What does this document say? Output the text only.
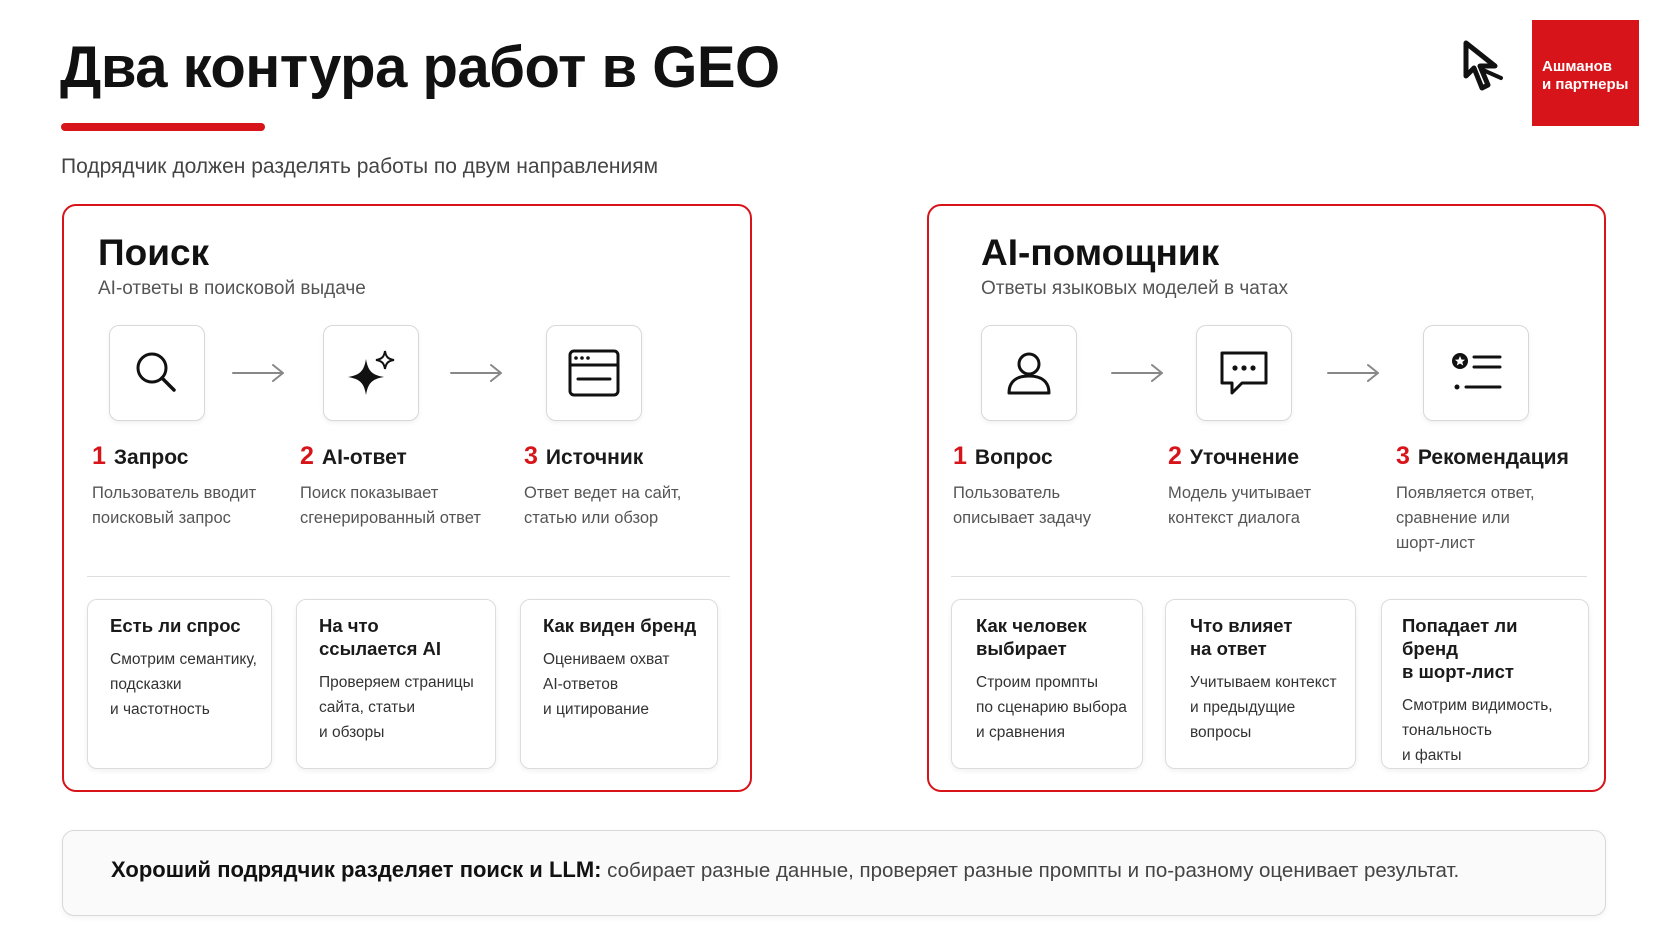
Два контура работ в GEO
Подрядчик должен разделять работы по двум направлениям
Ашманов
и партнеры
Поиск
AI-ответы в поисковой выдаче
1 Запрос
Пользователь вводит
поисковый запрос
2 AI-ответ
Поиск показывает
сгенерированный ответ
3 Источник
Ответ ведет на сайт,
статью или обзор
Есть ли спрос
Смотрим семантику,
подсказки
и частотность
На что
ссылается AI
Проверяем страницы
сайта, статьи
и обзоры
Как виден бренд
Оцениваем охват
AI-ответов
и цитирование
AI-помощник
Ответы языковых моделей в чатах
1 Вопрос
Пользователь
описывает задачу
2 Уточнение
Модель учитывает
контекст диалога
3 Рекомендация
Появляется ответ,
сравнение или
шорт-лист
Как человек
выбирает
Строим промпты
по сценарию выбора
и сравнения
Что влияет
на ответ
Учитываем контекст
и предыдущие
вопросы
Попадает ли бренд
в шорт-лист
Смотрим видимость,
тональность
и факты
Хороший подрядчик разделяет поиск и LLM: собирает разные данные, проверяет разные промпты и по-разному оценивает результат.
